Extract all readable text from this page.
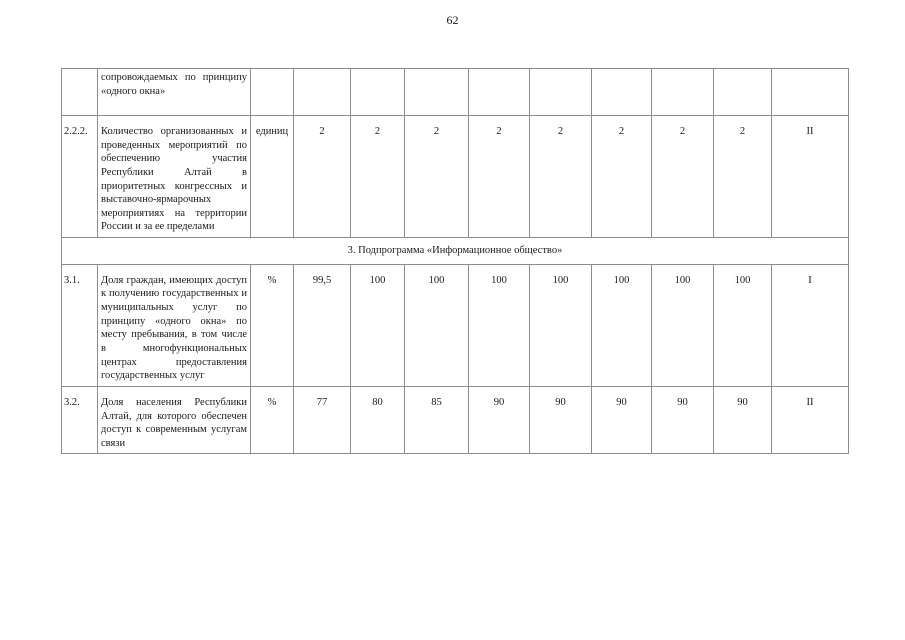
62
	сопровождаемых по принципу «одного окна»										
2.2.2.	Количество организованных и проведенных мероприятий по обеспечению участия Республики Алтай в приоритетных конгрессных и выставочно-ярмарочных мероприятиях на территории России и за ее пределами	единиц	2	2	2	2	2	2	2	2	II
3. Подпрограмма «Информационное общество»											
3.1.	Доля граждан, имеющих доступ к получению государственных и муниципальных услуг по принципу «одного окна» по месту пребывания, в том числе в многофункциональных центрах предоставления государственных услуг	%	99,5	100	100	100	100	100	100	100	I
3.2.	Доля населения Республики Алтай, для которого обеспечен доступ к современным услугам связи	%	77	80	85	90	90	90	90	90	II
